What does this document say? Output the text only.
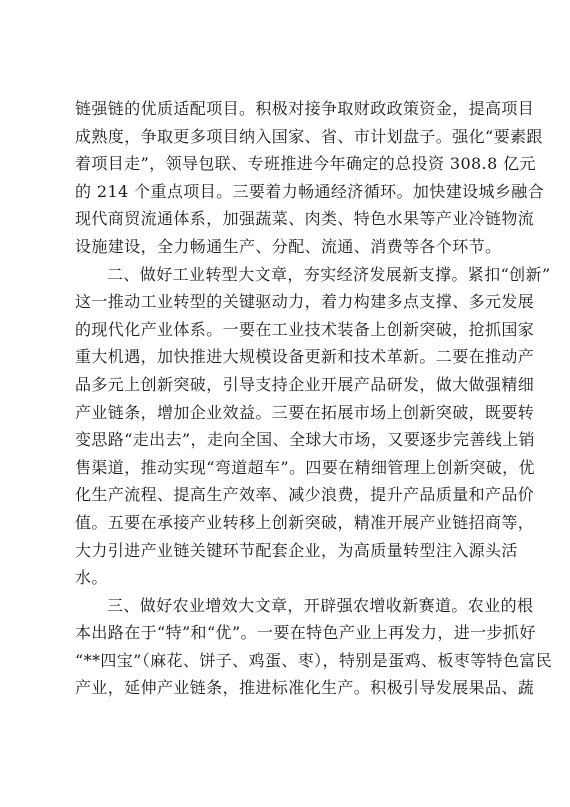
链强链的优质适配项目。积极对接争取财政政策资金，提高项目
成熟度，争取更多项目纳入国家、省、市计划盘子。强化“要素跟
着项目走”，领导包联、专班推进今年确定的总投资 308.8 亿元
的 214 个重点项目。三要着力畅通经济循环。加快建设城乡融合
现代商贸流通体系，加强蔬菜、肉类、特色水果等产业冷链物流
设施建设，全力畅通生产、分配、流通、消费等各个环节。
二、做好工业转型大文章，夯实经济发展新支撑。紧扣“创新”
这一推动工业转型的关键驱动力，着力构建多点支撑、多元发展
的现代化产业体系。一要在工业技术装备上创新突破，抢抓国家
重大机遇，加快推进大规模设备更新和技术革新。二要在推动产
品多元上创新突破，引导支持企业开展产品研发，做大做强精细
产业链条，增加企业效益。三要在拓展市场上创新突破，既要转
变思路“走出去”，走向全国、全球大市场，又要逐步完善线上销
售渠道，推动实现“弯道超车”。四要在精细管理上创新突破，优
化生产流程、提高生产效率、减少浪费，提升产品质量和产品价
值。五要在承接产业转移上创新突破，精准开展产业链招商等，
大力引进产业链关键环节配套企业，为高质量转型注入源头活
水。
三、做好农业增效大文章，开辟强农增收新赛道。农业的根
本出路在于“特”和“优”。一要在特色产业上再发力，进一步抓好
“**四宝”（麻花、饼子、鸡蛋、枣），特别是蛋鸡、板枣等特色富民
产业，延伸产业链条，推进标准化生产。积极引导发展果品、蔬
